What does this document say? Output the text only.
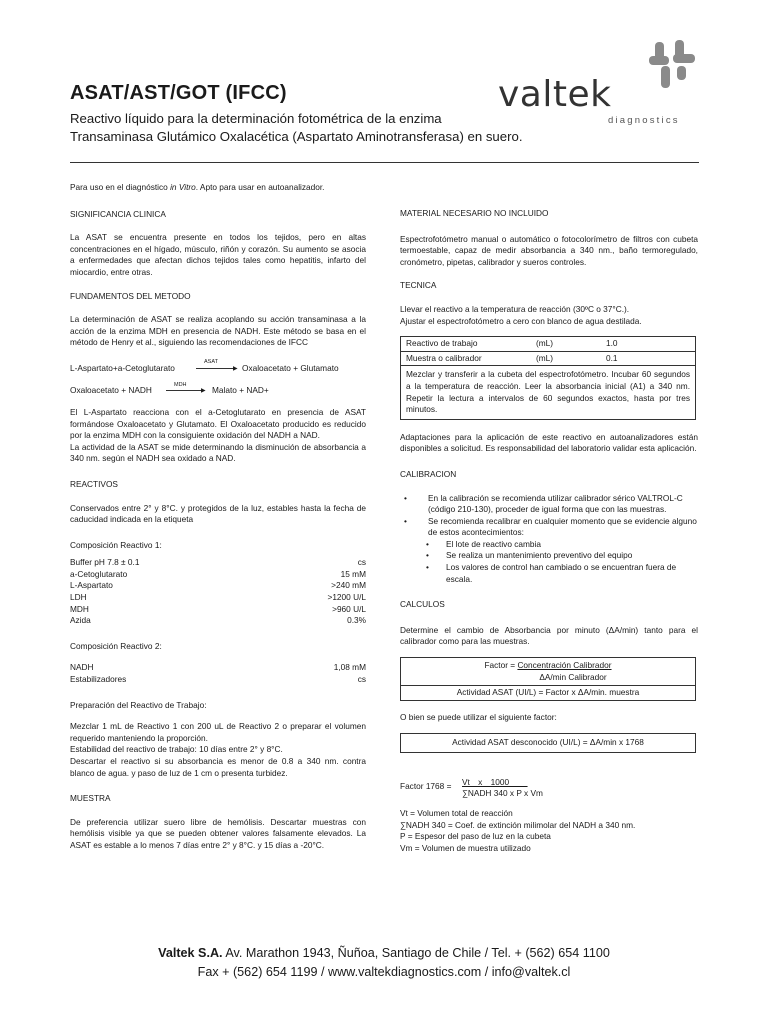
ASAT/AST/GOT (IFCC)
Reactivo líquido para la determinación fotométrica de la enzima
Transaminasa Glutámico Oxalacética (Aspartato Aminotransferasa) en suero.
valtek
diagnostics

Para uso en el diagnóstico in Vitro. Apto para usar en autoanalizador.

SIGNIFICANCIA CLINICA

La ASAT se encuentra presente en todos los tejidos, pero en altas concentraciones en el hígado, músculo, riñón y corazón. Su aumento se asocia a enfermedades que afectan dichos tejidos tales como hepatitis, infarto del miocardio, entre otras.

FUNDAMENTOS DEL METODO

La determinación de ASAT se realiza acoplando su acción transaminasa a la acción de la enzima MDH en presencia de NADH. Este método se basa en el método de Henry et al., siguiendo las recomendaciones de IFCC

L-Aspartato+a-Cetoglutarato
ASAT
▶ Oxaloacetato + Glutamato
Oxaloacetato + NADH	MDH
▶ Malato + NAD+

El L-Aspartato reacciona con el a-Cetoglutarato en presencia de ASAT formándose Oxaloacetato y Glutamato. El Oxaloacetato producido es reducido por la enzima MDH con la consiguiente oxidación del NADH a NAD.

La actividad de la ASAT se mide determinando la disminución de absorbancia a 340 nm. según el NADH sea oxidado a NAD.

REACTIVOS

Conservados entre 2° y 8°C. y protegidos de la luz, estables hasta la fecha de caducidad indicada en la etiqueta

Composición Reactivo 1:

Buffer pH 7.8 ± 0.1	cs
a-Cetoglutarato	15 mM
L-Aspartato	>240 mM
LDH	>1200 U/L
MDH	>960 U/L
Azida	0.3%

Composición Reactivo 2:

NADH	1,08 mM
Estabilizadores	cs

Preparación del Reactivo de Trabajo:

Mezclar 1 mL de Reactivo 1 con 200 uL de Reactivo 2 o preparar el volumen requerido manteniendo la proporción.

Estabilidad del reactivo de trabajo: 10 días entre 2° y 8°C.

Descartar el reactivo si su absorbancia es menor de 0.8 a 340 nm. contra blanco de agua. y paso de luz de 1 cm o presenta turbidez.

MUESTRA

De preferencia utilizar suero libre de hemólisis. Descartar muestras con hemólisis visible ya que se pueden obtener valores falsamente elevados. La ASAT es estable a lo menos 7 días entre 2° y 8°C. y 15 días a -20°C.

MATERIAL NECESARIO NO INCLUIDO

Espectrofotómetro manual o automático o fotocolorímetro de filtros con cubeta termoestable, capaz de medir absorbancia a 340 nm., baño termoregulado, cronómetro, pipetas, calibrador y sueros controles.

TECNICA

Llevar el reactivo a la temperatura de reacción (30ºC o 37°C.).

Ajustar el espectrofotómetro a cero con blanco de agua destilada.

Reactivo de trabajo	(mL)	1.0
Muestra o calibrador	(mL)	0.1
Mezclar y transferir a la cubeta del espectrofotómetro. Incubar 60 segundos a la temperatura de reacción. Leer la absorbancia inicial (A1) a 340 nm. Repetir la lectura a intervalos de 60 segundos exactos, hasta por tres minutos.		

Adaptaciones para la aplicación de este reactivo en autoanalizadores están disponibles a solicitud. Es responsabilidad del laboratorio validar esta aplicación.

CALIBRACION

• En la calibración se recomienda utilizar calibrador sérico VALTROL-C (código 210-130), proceder de igual forma que con las muestras.

• Se recomienda recalibrar en cualquier momento que se evidencie alguno de estos acontecimientos:

• El lote de reactivo cambia

• Se realiza un mantenimiento preventivo del equipo

• Los valores de control han cambiado o se encuentran fuera de escala.

CALCULOS

Determine el cambio de Absorbancia por minuto (ΔA/min) tanto para el calibrador como para las muestras.

Factor = Concentración Calibrador
ΔA/min Calibrador
Actividad ASAT (UI/L) = Factor x ΔA/min. muestra

O bien se puede utilizar el siguiente factor:

Actividad ASAT desconocido (UI/L) = ΔA/min x 1768
Factor 1768 = Vt x 1000____
∑NADH 340 x P x Vm

Vt = Volumen total de reacción

∑NADH 340 = Coef. de extinción milimolar del NADH a 340 nm.

P = Espesor del paso de luz en la cubeta

Vm = Volumen de muestra utilizado

Valtek S.A. Av. Marathon 1943, Ñuñoa, Santiago de Chile / Tel. + (562) 654 1100
Fax + (562) 654 1199 / www.valtekdiagnostics.com / info@valtek.cl
